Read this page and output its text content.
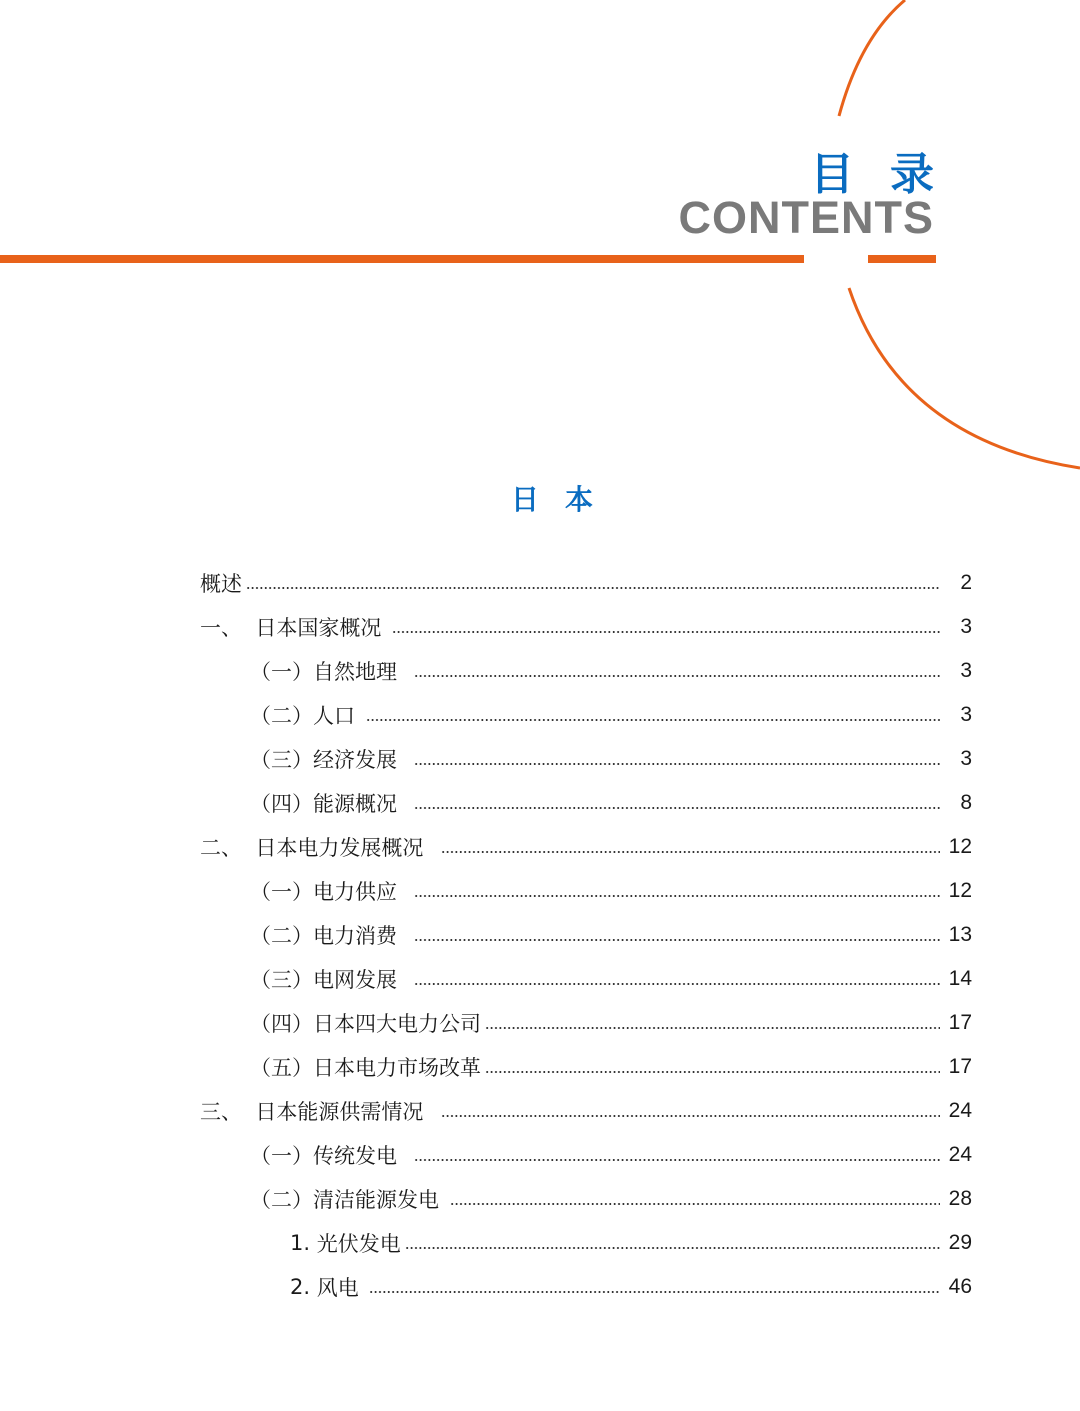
目录
CONTENTS
日本
概述	2
一、 日本国家概况	3
（一） 自然地理	3
（二） 人口	3
（三） 经济发展	3
（四） 能源概况	8
二、 日本电力发展概况	12
（一） 电力供应	12
（二） 电力消费	13
（三） 电网发展	14
（四） 日本四大电力公司	17
（五） 日本电力市场改革	17
三、 日本能源供需情况	24
（一） 传统发电	24
（二） 清洁能源发电	28
1. 光伏发电	29
2. 风电	46
